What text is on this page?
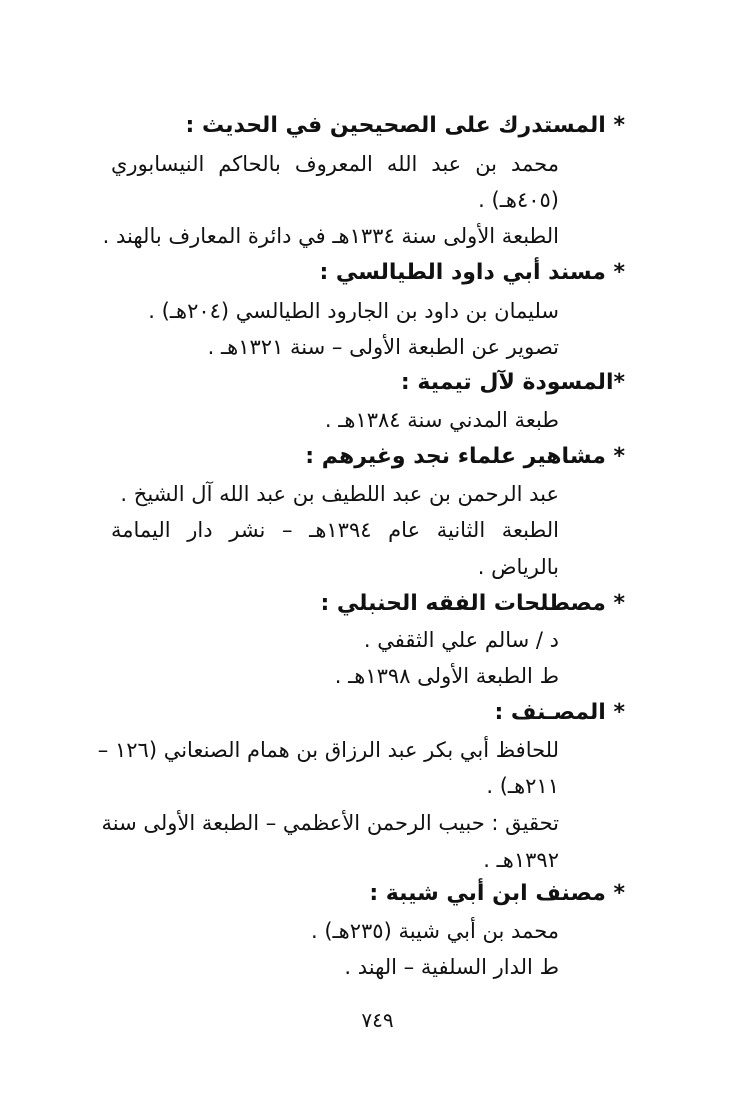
* المستدرك على الصحيحين في الحديث :
محمد بن عبد الله المعروف بالحاكم النيسابوري
(٤٠٥هـ) .
الطبعة الأولى سنة ١٣٣٤هـ في دائرة المعارف بالهند .
* مسند أبي داود الطيالسي :
سليمان بن داود بن الجارود الطيالسي (٢٠٤هـ) .
تصوير عن الطبعة الأولى – سنة ١٣٢١هـ .
*المسودة لآل تيمية :
طبعة المدني سنة ١٣٨٤هـ .
* مشاهير علماء نجد وغيرهم :
عبد الرحمن بن عبد اللطيف بن عبد الله آل الشيخ .
الطبعة الثانية عام ١٣٩٤هـ – نشر دار اليمامة
بالرياض .
* مصطلحات الفقه الحنبلي :
د / سالم علي الثقفي .
ط الطبعة الأولى ١٣٩٨هـ .
* المصـنف :
للحافظ أبي بكر عبد الرزاق بن همام الصنعاني (١٢٦ –
٢١١هـ) .
تحقيق : حبيب الرحمن الأعظمي – الطبعة الأولى سنة
١٣٩٢هـ .
* مصنف ابن أبي شيبة :
محمد بن أبي شيبة (٢٣٥هـ) .
ط الدار السلفية – الهند .
٧٤٩
